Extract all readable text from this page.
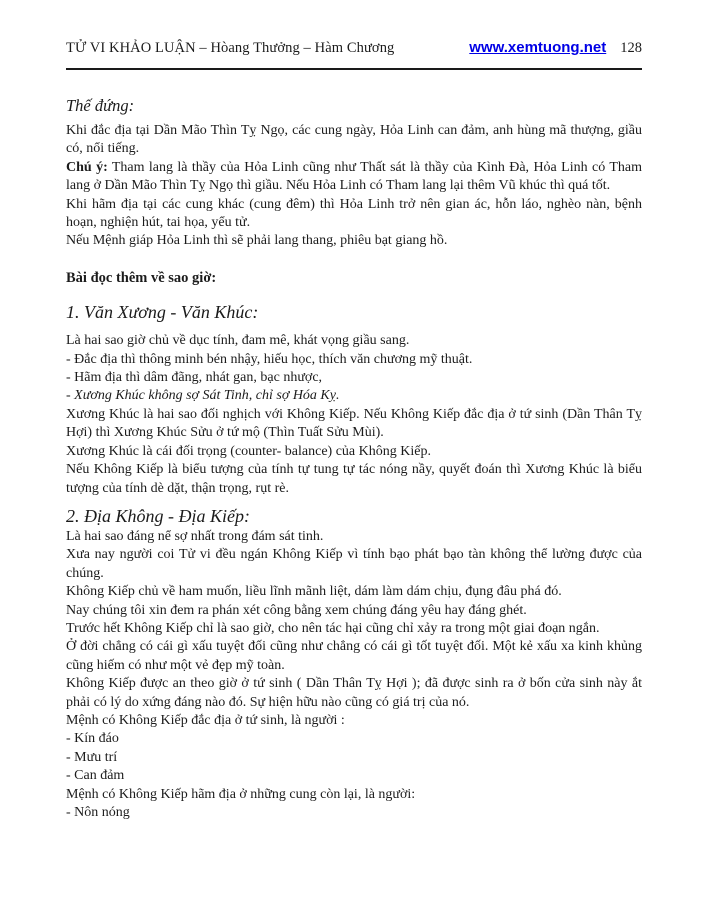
TỬ VI KHẢO LUẬN – Hòang Thưởng – Hàm Chương	www.xemtuong.net 128

Thế đứng:

Khi đắc địa tại Dần Mão Thìn Tỵ Ngọ, các cung ngày, Hỏa Linh can đảm, anh hùng mã thượng, giầu có, nổi tiếng.

Chú ý: Tham lang là thầy của Hỏa Linh cũng như Thất sát là thầy của Kình Đà, Hỏa Linh có Tham lang ở Dần Mão Thìn Tỵ Ngọ thì giầu. Nếu Hỏa Linh có Tham lang lại thêm Vũ khúc thì quá tốt.

Khi hãm địa tại các cung khác (cung đêm) thì Hỏa Linh trở nên gian ác, hỗn láo, nghèo nàn, bệnh hoạn, nghiện hút, tai họa, yểu tử.

Nếu Mệnh giáp Hỏa Linh thì sẽ phải lang thang, phiêu bạt giang hồ.

Bài đọc thêm về sao giờ:

1. Văn Xương - Văn Khúc:

Là hai sao giờ chủ về dục tính, đam mê, khát vọng giầu sang.

- Đắc địa thì thông minh bén nhậy, hiếu học, thích văn chương mỹ thuật.

- Hãm địa thì dâm đãng, nhát gan, bạc nhược,

- Xương Khúc không sợ Sát Tinh, chỉ sợ Hóa Kỵ.

Xương Khúc là hai sao đối nghịch với Không Kiếp. Nếu Không Kiếp đắc địa ở tứ sinh (Dần Thân Tỵ Hợi) thì Xương Khúc Sửu ở tứ mộ (Thìn Tuất Sửu Mùi).

Xương Khúc là cái đối trọng (counter- balance) của Không Kiếp.

Nếu Không Kiếp là biểu tượng của tính tự tung tự tác nóng nầy, quyết đoán thì Xương Khúc là biểu tượng của tính dè dặt, thận trọng, rụt rè.

2. Địa Không - Địa Kiếp:

Là hai sao đáng nể sợ nhất trong đám sát tinh.

Xưa nay người coi Tử vi đều ngán Không Kiếp vì tính bạo phát bạo tàn không thể lường được của chúng.

Không Kiếp chủ về ham muốn, liều lĩnh mãnh liệt, dám làm dám chịu, đụng đâu phá đó.

Nay chúng tôi xin đem ra phán xét công bằng xem chúng đáng yêu hay đáng ghét.

Trước hết Không Kiếp chỉ là sao giờ, cho nên tác hại cũng chỉ xảy ra trong một giai đoạn ngắn.

Ở đời chẳng có cái gì xấu tuyệt đối cũng như chẳng có cái gì tốt tuyệt đối. Một kẻ xấu xa kinh khủng cũng hiếm có như một vẻ đẹp mỹ toàn.

Không Kiếp được an theo giờ ở tứ sinh ( Dần Thân Tỵ Hợi ); đã được sinh ra ở bốn cửa sinh này ắt phải có lý do xứng đáng nào đó. Sự hiện hữu nào cũng có giá trị của nó.

Mệnh có Không Kiếp đắc địa ở tứ sinh, là người :

- Kín đáo

- Mưu trí

- Can đảm

Mệnh có Không Kiếp hãm địa ở những cung còn lại, là người:

- Nôn nóng
